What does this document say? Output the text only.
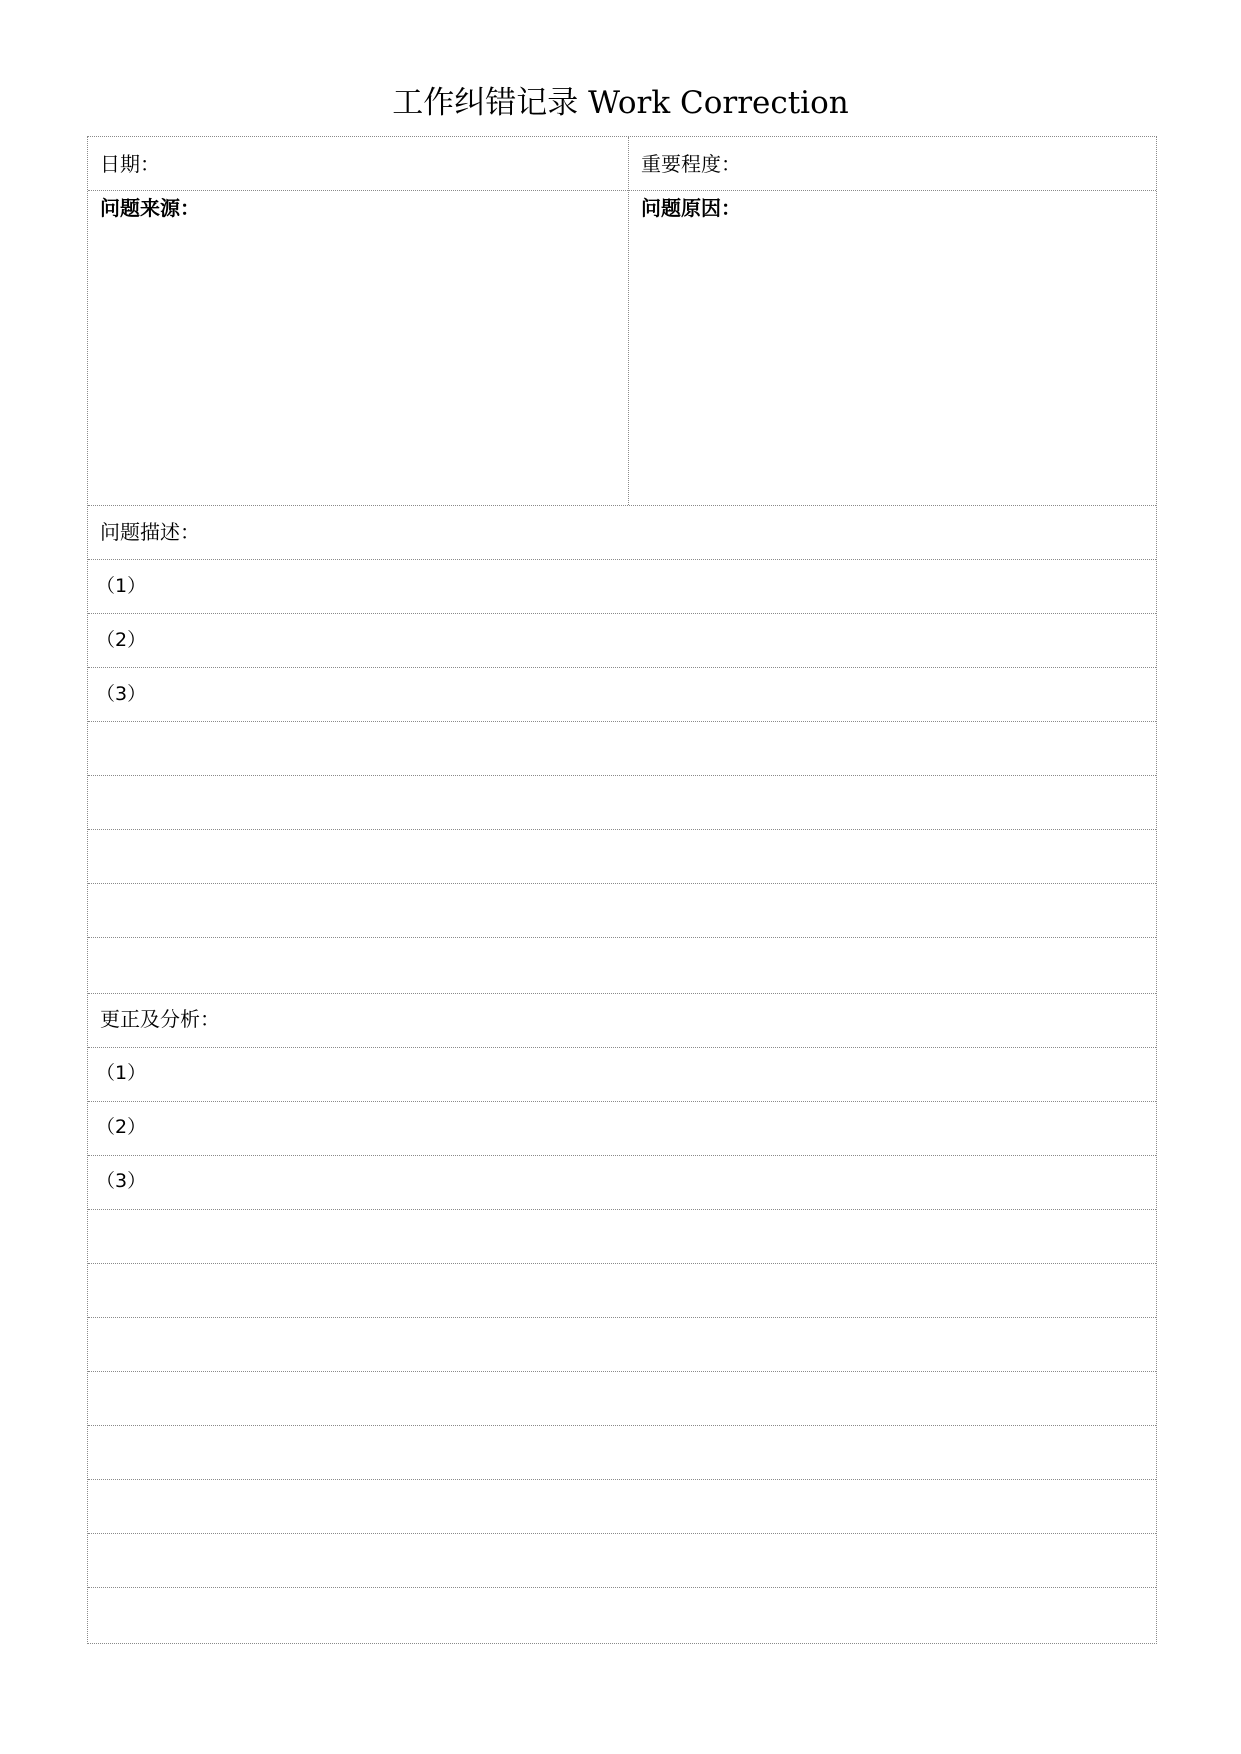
工作纠错记录 Work Correction
日期：	重要程度：
问题来源：	问题原因：
问题描述：
（1）
（2）
（3）
更正及分析：
（1）
（2）
（3）
